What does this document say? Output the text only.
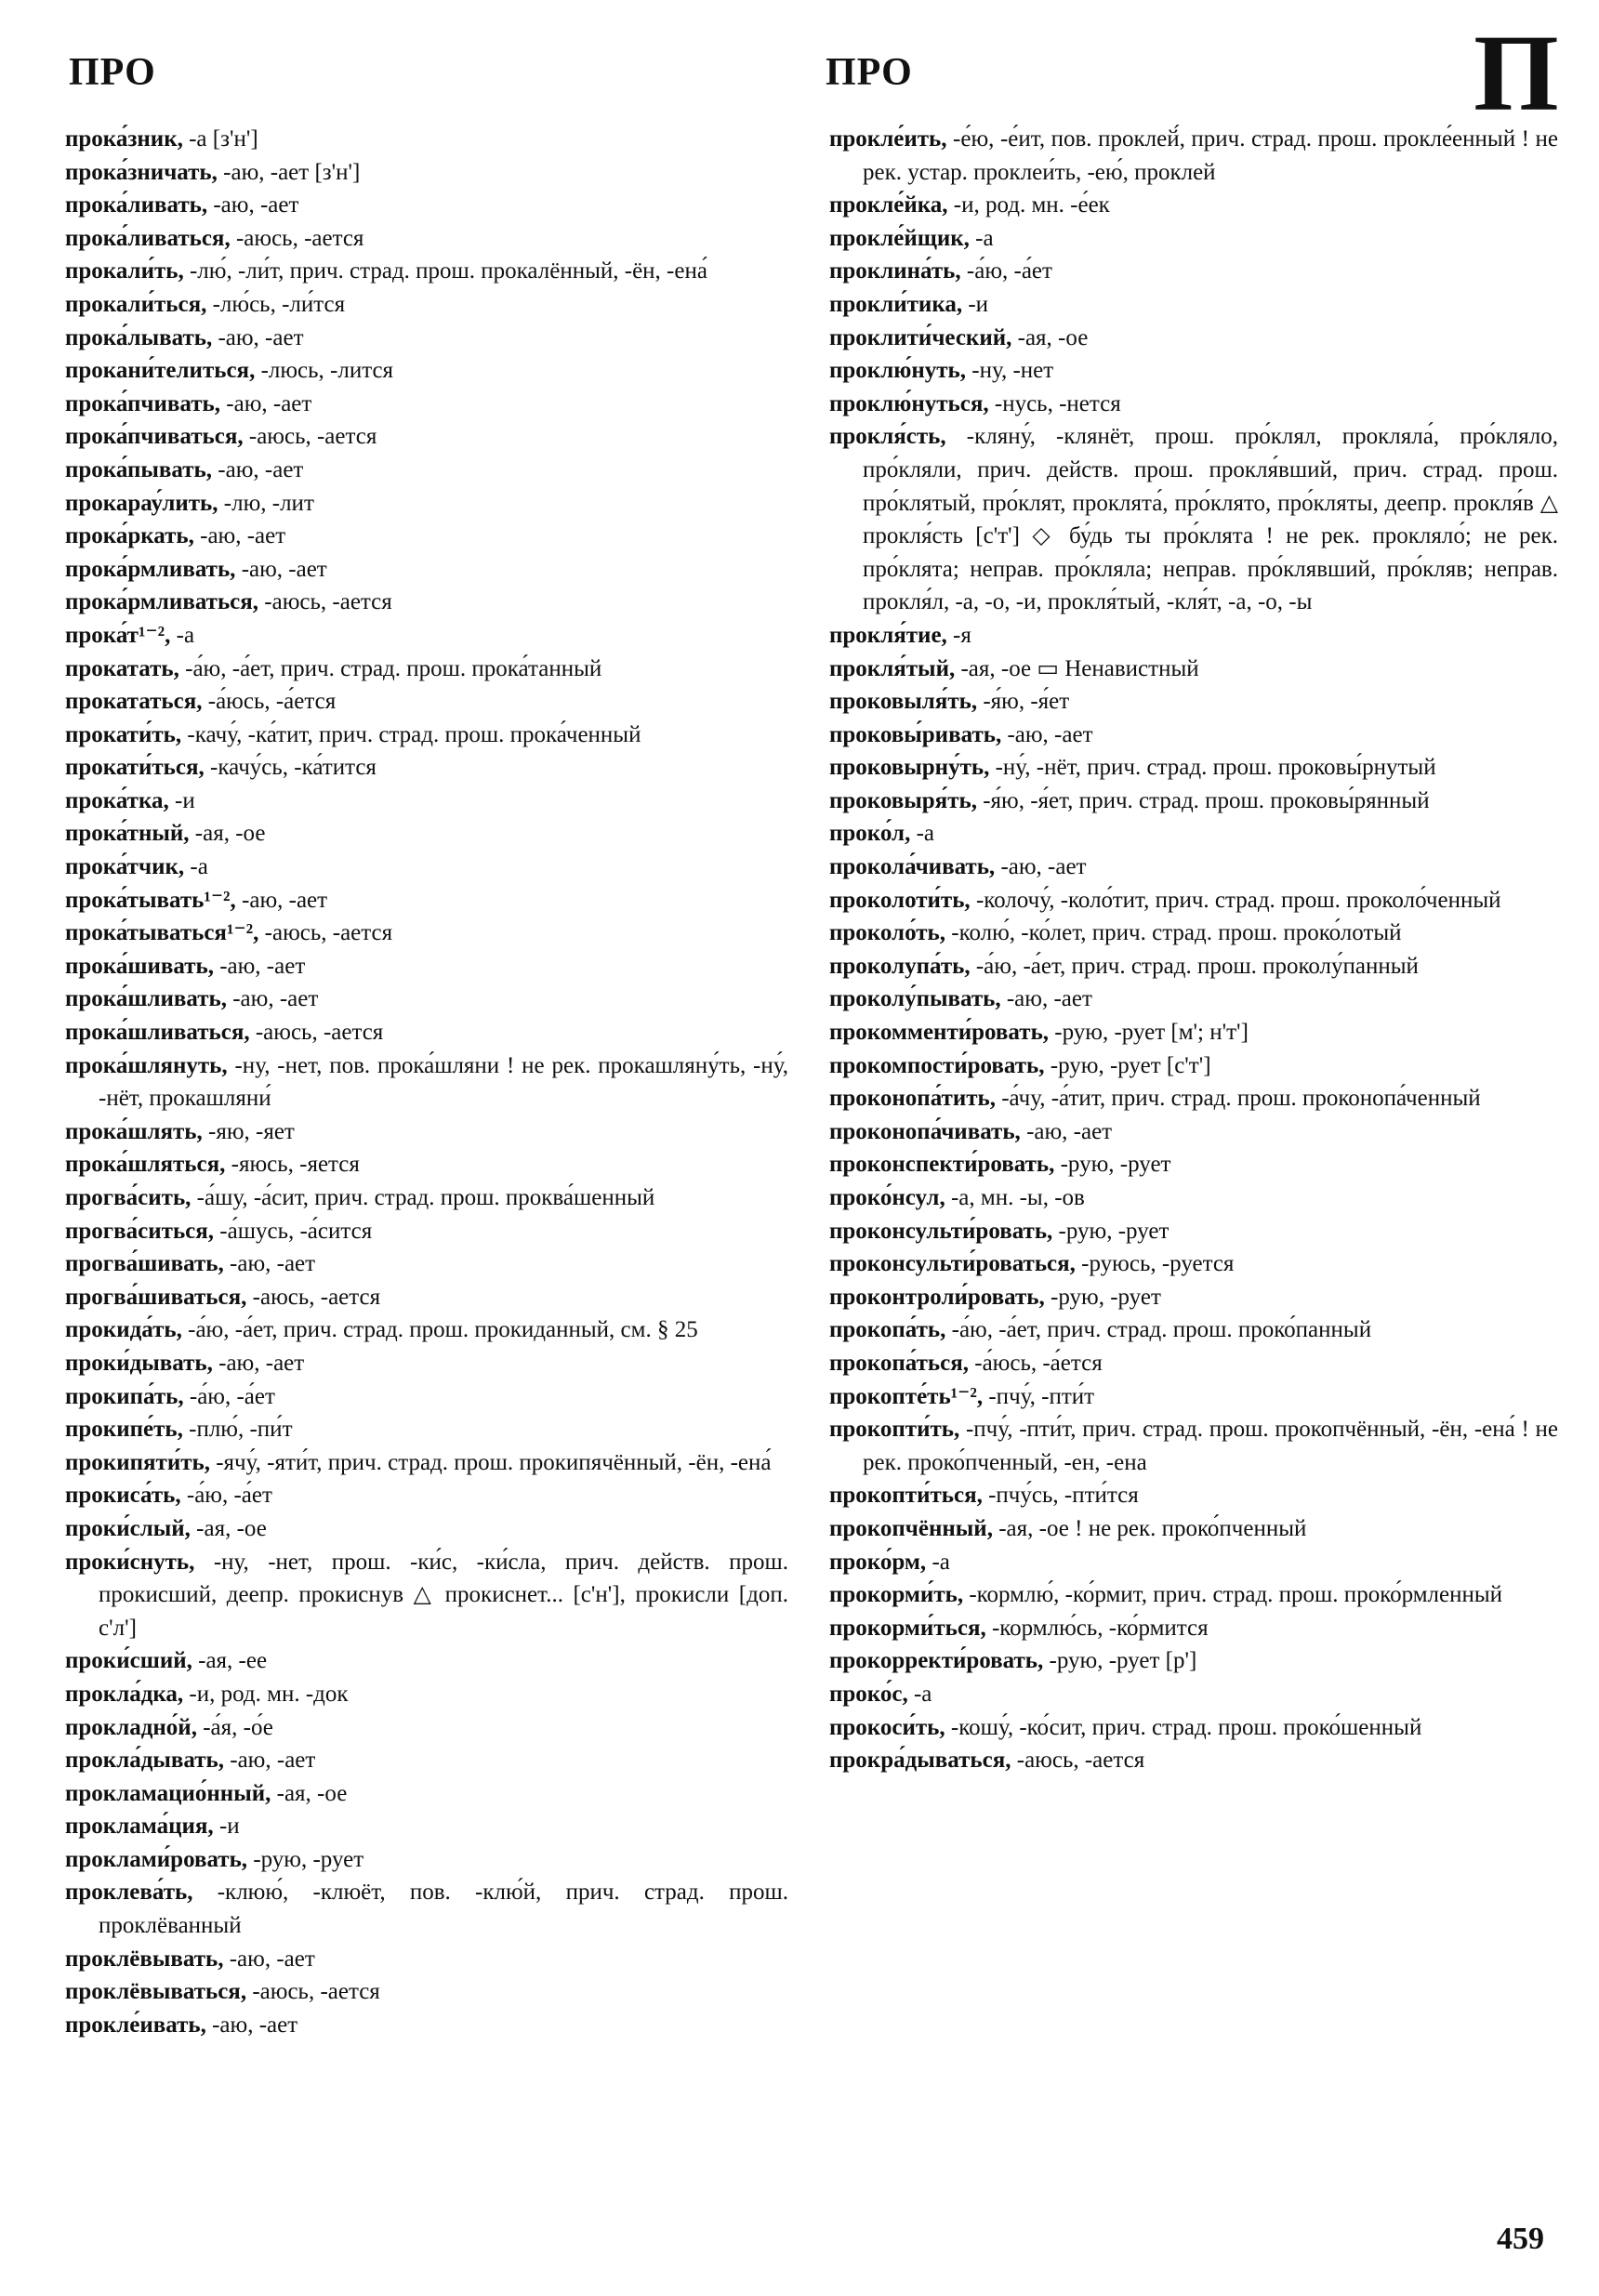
ПРО	ПРО	П

прока́зник, -а [з'н']

прока́зничать, -аю, -ает [з'н']

прока́ливать, -аю, -ает

прока́ливаться, -аюсь, -ается

прокали́ть, -лю́, -ли́т, прич. страд. прош. прокалённый, -ён, -ена́

прокали́ться, -лю́сь, -ли́тся

прока́лывать, -аю, -ает

прокани́телиться, -люсь, -лится

прока́пчивать, -аю, -ает

прока́пчиваться, -аюсь, -ается

прока́пывать, -аю, -ает

прокарау́лить, -лю, -лит

прока́ркать, -аю, -ает

прока́рмливать, -аю, -ает

прока́рмливаться, -аюсь, -ается

прока́т¹⁻², -а

прокатать, -а́ю, -а́ет, прич. страд. прош. прока́танный

прокататься, -а́юсь, -а́ется

прокати́ть, -качу́, -ка́тит, прич. страд. прош. прока́ченный

прокати́ться, -качу́сь, -ка́тится

прока́тка, -и

прока́тный, -ая, -ое

прока́тчик, -а

прока́тывать¹⁻², -аю, -ает

прока́тываться¹⁻², -аюсь, -ается

прока́шивать, -аю, -ает

прока́шливать, -аю, -ает

прока́шливаться, -аюсь, -ается

прока́шлянуть, -ну, -нет, пов. прока́шляни ! не рек. прокашляну́ть, -ну́, -нёт, прокашляни́

прока́шлять, -яю, -яет

прока́шляться, -яюсь, -яется

прогва́сить, -а́шу, -а́сит, прич. страд. прош. проква́шенный

прогва́ситься, -а́шусь, -а́сится

прогва́шивать, -аю, -ает

прогва́шиваться, -аюсь, -ается

прокида́ть, -а́ю, -а́ет, прич. страд. прош. прокиданный, см. § 25

проки́дывать, -аю, -ает

прокипа́ть, -а́ю, -а́ет

прокипе́ть, -плю́, -пи́т

прокипяти́ть, -ячу́, -яти́т, прич. страд. прош. прокипячённый, -ён, -ена́

прокиса́ть, -а́ю, -а́ет

проки́слый, -ая, -ое

проки́снуть, -ну, -нет, прош. -ки́с, -ки́сла, прич. действ. прош. прокисший, деепр. прокиснув △ прокиснет... [с'н'], прокисли [доп. с'л']

проки́сший, -ая, -ее

прокла́дка, -и, род. мн. -док

прокладно́й, -а́я, -о́е

прокла́дывать, -аю, -ает

прокламацио́нный, -ая, -ое

проклама́ция, -и

проклами́ровать, -рую, -рует

проклева́ть, -клюю́, -клюёт, пов. -клю́й, прич. страд. прош. проклёванный

проклёвывать, -аю, -ает

проклёвываться, -аюсь, -ается

прокле́ивать, -аю, -ает

прокле́ить, -е́ю, -е́ит, пов. проклей́, прич. страд. прош. прокле́енный ! не рек. устар. проклеи́ть, -ею́, проклей

прокле́йка, -и, род. мн. -е́ек

прокле́йщик, -а

проклина́ть, -а́ю, -а́ет

прокли́тика, -и

проклити́ческий, -ая, -ое

проклю́нуть, -ну, -нет

проклю́нуться, -нусь, -нется

прокля́сть, -кляну́, -клянёт, прош. про́клял, прокляла́, про́кляло, про́кляли, прич. действ. прош. прокля́вший, прич. страд. прош. про́клятый, про́клят, проклята́, про́клято, про́кляты, деепр. прокля́в △ прокля́сть [с'т'] ◇ бу́дь ты про́клята ! не рек. прокляло́; не рек. про́клята; неправ. про́кляла; неправ. про́клявший, про́кляв; неправ. прокля́л, -а, -о, -и, прокля́тый, -кля́т, -а, -о, -ы

прокля́тие, -я

прокля́тый, -ая, -ое ▭ Ненавистный

проковыля́ть, -я́ю, -я́ет

проковы́ривать, -аю, -ает

проковырну́ть, -ну́, -нёт, прич. страд. прош. проковы́рнутый

проковыря́ть, -я́ю, -я́ет, прич. страд. прош. проковы́рянный

проко́л, -а

прокола́чивать, -аю, -ает

проколоти́ть, -колочу́, -коло́тит, прич. страд. прош. проколо́ченный

проколо́ть, -колю́, -ко́лет, прич. страд. прош. проко́лотый

проколупа́ть, -а́ю, -а́ет, прич. страд. прош. проколу́панный

проколу́пывать, -аю, -ает

прокомменти́ровать, -рую, -рует [м'; н'т']

прокомпости́ровать, -рую, -рует [с'т']

проконопа́тить, -а́чу, -а́тит, прич. страд. прош. проконопа́ченный

проконопа́чивать, -аю, -ает

проконспекти́ровать, -рую, -рует

проко́нсул, -а, мн. -ы, -ов

проконсульти́ровать, -рую, -рует

проконсульти́роваться, -руюсь, -руется

проконтроли́ровать, -рую, -рует

прокопа́ть, -а́ю, -а́ет, прич. страд. прош. проко́панный

прокопа́ться, -а́юсь, -а́ется

прокопте́ть¹⁻², -пчу́, -пти́т

прокопти́ть, -пчу́, -пти́т, прич. страд. прош. прокопчённый, -ён, -ена́ ! не рек. проко́пченный, -ен, -ена

прокопти́ться, -пчу́сь, -пти́тся

прокопчённый, -ая, -ое ! не рек. проко́пченный

проко́рм, -а

прокорми́ть, -кормлю́, -ко́рмит, прич. страд. прош. проко́рмленный

прокорми́ться, -кормлю́сь, -ко́рмится

прокорректи́ровать, -рую, -рует [р']

проко́с, -а

прокоси́ть, -кошу́, -ко́сит, прич. страд. прош. проко́шенный

прокра́дываться, -аюсь, -ается

459
